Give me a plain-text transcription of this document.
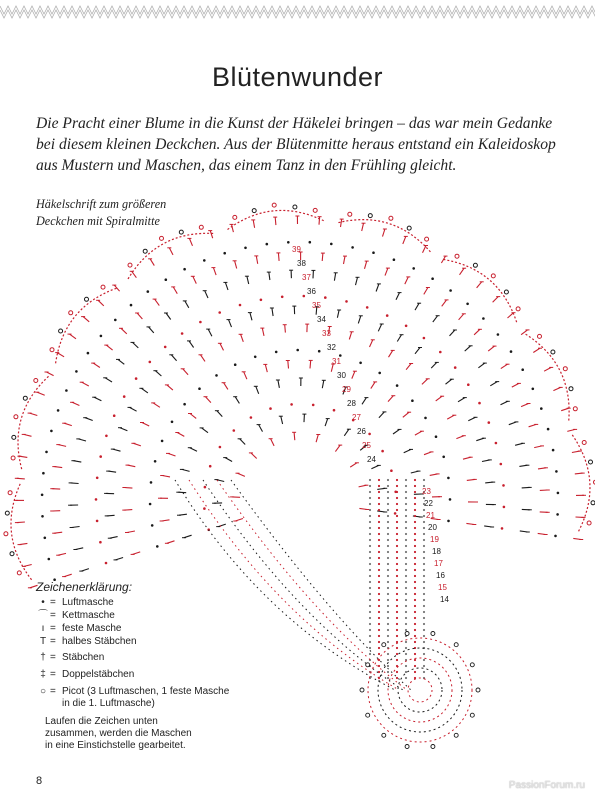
Blütenwunder
Die Pracht einer Blume in die Kunst der Häkelei bringen – das war mein Gedanke bei diesem kleinen Deckchen. Aus der Blütenmitte heraus entstand ein Kaleidoskop aus Mustern und Maschen, das einem Tanz in den Frühling gleicht.
Häkelschrift zum größeren
Deckchen mit Spiralmitte
39
38
37
36
35
34
33
32
31
30
29
28
27
26
25
24
23
22
21
20
19
18
17
16
15
14
Zeichenerklärung:
• = Luftmasche
⌒ = Kettmasche
ı = feste Masche
T = halbes Stäbchen
† = Stäbchen
‡ = Doppelstäbchen
○ = Picot (3 Luftmaschen, 1 feste Masche in die 1. Luftmasche)
Laufen die Zeichen unten
zusammen, werden die Maschen
in eine Einstichstelle gearbeitet.
8	PassionForum.ru
